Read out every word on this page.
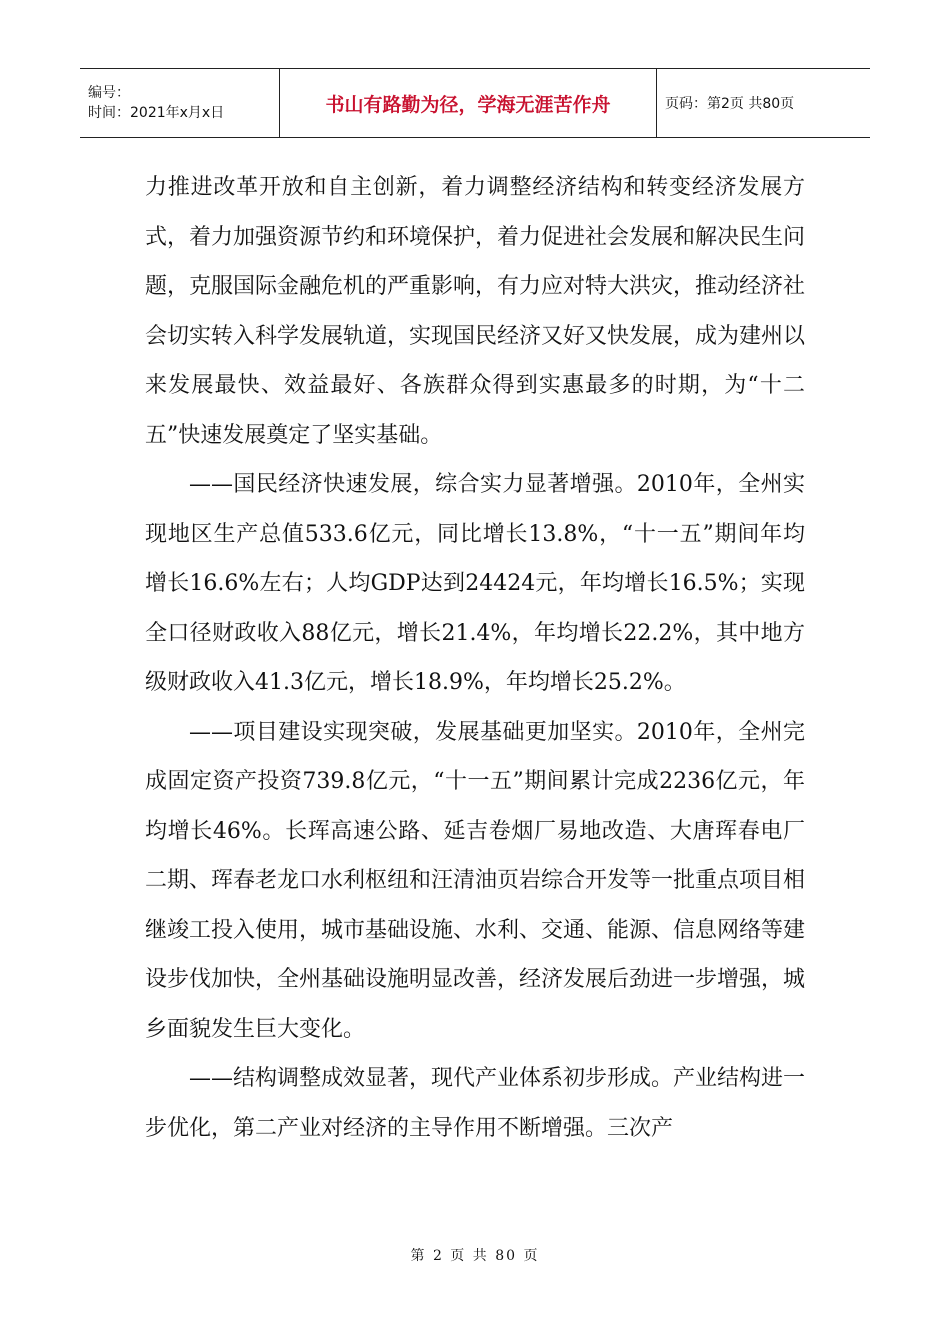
编号：
时间：2021年x月x日	书山有路勤为径，学海无涯苦作舟	页码：第2页 共80页

力推进改革开放和自主创新，着力调整经济结构和转变经济发展方式，着力加强资源节约和环境保护，着力促进社会发展和解决民生问题，克服国际金融危机的严重影响，有力应对特大洪灾，推动经济社会切实转入科学发展轨道，实现国民经济又好又快发展，成为建州以来发展最快、效益最好、各族群众得到实惠最多的时期，为“十二五”快速发展奠定了坚实基础。

——国民经济快速发展，综合实力显著增强。2010年，全州实现地区生产总值533.6亿元，同比增长13.8%，“十一五”期间年均增长16.6%左右；人均GDP达到24424元，年均增长16.5%；实现全口径财政收入88亿元，增长21.4%，年均增长22.2%，其中地方级财政收入41.3亿元，增长18.9%，年均增长25.2%。

——项目建设实现突破，发展基础更加坚实。2010年，全州完成固定资产投资739.8亿元，“十一五”期间累计完成2236亿元，年均增长46%。长珲高速公路、延吉卷烟厂易地改造、大唐珲春电厂二期、珲春老龙口水利枢纽和汪清油页岩综合开发等一批重点项目相继竣工投入使用，城市基础设施、水利、交通、能源、信息网络等建设步伐加快，全州基础设施明显改善，经济发展后劲进一步增强，城乡面貌发生巨大变化。

——结构调整成效显著，现代产业体系初步形成。产业结构进一步优化，第二产业对经济的主导作用不断增强。三次产

第 2 页 共 80 页
